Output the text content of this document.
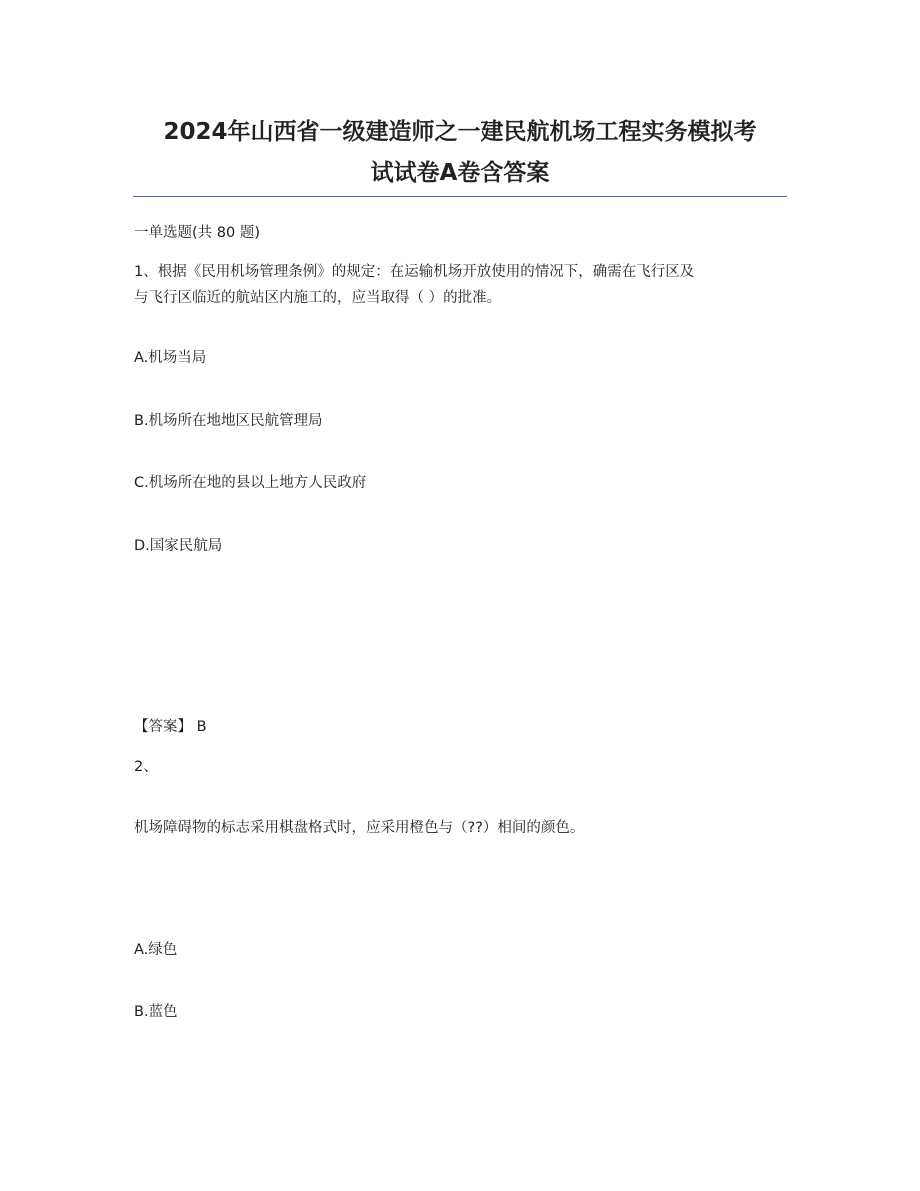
2024年山西省一级建造师之一建民航机场工程实务模拟考
试试卷A卷含答案
一单选题(共 80 题)
1、根据《民用机场管理条例》的规定：在运输机场开放使用的情况下，确需在飞行区及
与飞行区临近的航站区内施工的，应当取得（ ）的批准。
A.机场当局
B.机场所在地地区民航管理局
C.机场所在地的县以上地方人民政府
D.国家民航局
【答案】 B
2、
机场障碍物的标志采用棋盘格式时，应采用橙色与（??）相间的颜色。
A.绿色
B.蓝色
